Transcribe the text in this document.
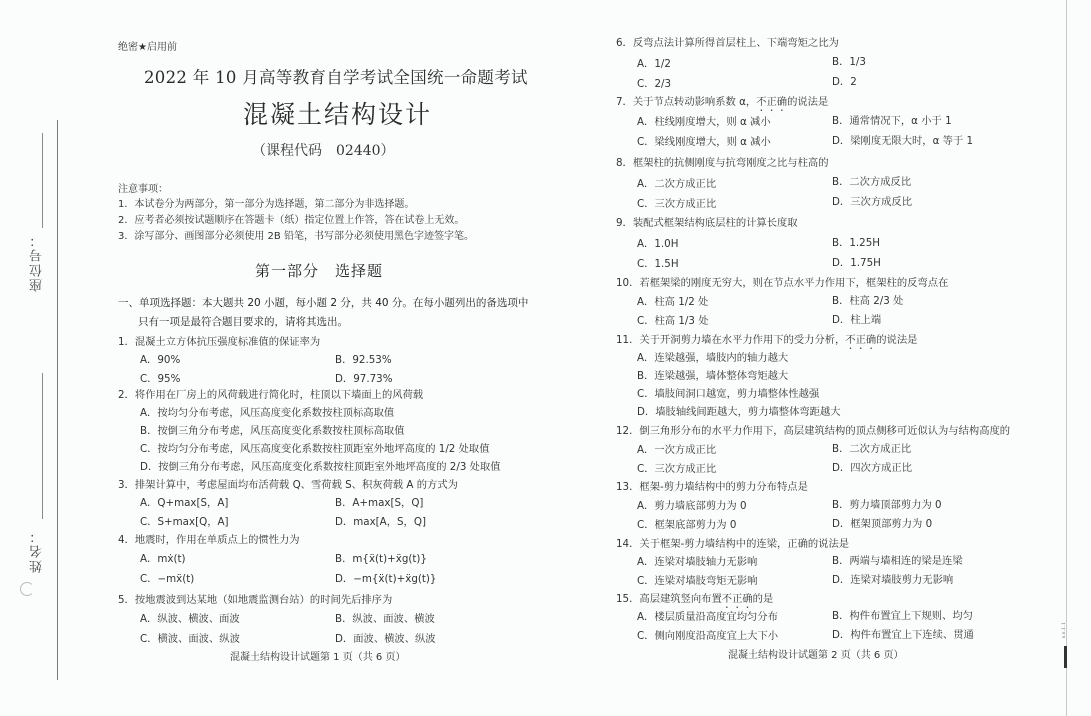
座位号：
姓名：
s.s.1.1
绝密★启用前
2022 年 10 月高等教育自学考试全国统一命题考试
混凝土结构设计
（课程代码　02440）
注意事项：
1．本试卷分为两部分，第一部分为选择题，第二部分为非选择题。
2．应考者必须按试题顺序在答题卡（纸）指定位置上作答，答在试卷上无效。
3．涂写部分、画图部分必须使用 2B 铅笔，书写部分必须使用黑色字迹签字笔。
第一部分　选择题
一、单项选择题：本大题共 20 小题，每小题 2 分，共 40 分。在每小题列出的备选项中
只有一项是最符合题目要求的，请将其选出。
1．混凝土立方体抗压强度标准值的保证率为
A．90%	B．92.53%
C．95%	D．97.73%
2．将作用在厂房上的风荷载进行简化时，柱顶以下墙面上的风荷载
A．按均匀分布考虑，风压高度变化系数按柱顶标高取值
B．按倒三角分布考虑，风压高度变化系数按柱顶标高取值
C．按均匀分布考虑，风压高度变化系数按柱顶距室外地坪高度的 1/2 处取值
D．按倒三角分布考虑，风压高度变化系数按柱顶距室外地坪高度的 2/3 处取值
3．排架计算中，考虑屋面均布活荷载 Q、雪荷载 S、积灰荷载 A 的方式为
A．Q+max[S，A]	B．A+max[S，Q]
C．S+max[Q，A]	D．max[A，S，Q]
4．地震时，作用在单质点上的惯性力为
A．mẋ(t)	B．m{ẍ(t)+ẍg(t)}
C．−mẍ(t)	D．−m{ẍ(t)+ẍg(t)}
5．按地震波到达某地（如地震监测台站）的时间先后排序为
A．纵波、横波、面波	B．纵波、面波、横波
C．横波、面波、纵波	D．面波、横波、纵波
混凝土结构设计试题第 1 页（共 6 页）
6．反弯点法计算所得首层柱上、下端弯矩之比为
A．1/2	B．1/3
C．2/3	D．2
7．关于节点转动影响系数 α，不正确的说法是
A．柱线刚度增大，则 α 减小	B．通常情况下，α 小于 1
C．梁线刚度增大，则 α 减小	D．梁刚度无限大时，α 等于 1
8．框架柱的抗侧刚度与抗弯刚度之比与柱高的
A．二次方成正比	B．二次方成反比
C．三次方成正比	D．三次方成反比
9．装配式框架结构底层柱的计算长度取
A．1.0H	B．1.25H
C．1.5H	D．1.75H
10．若框架梁的刚度无穷大，则在节点水平力作用下，框架柱的反弯点在
A．柱高 1/2 处	B．柱高 2/3 处
C．柱高 1/3 处	D．柱上端
11．关于开洞剪力墙在水平力作用下的受力分析，不正确的说法是
A．连梁越强，墙肢内的轴力越大
B．连梁越强，墙体整体弯矩越大
C．墙肢间洞口越宽，剪力墙整体性越强
D．墙肢轴线间距越大，剪力墙整体弯距越大
12．倒三角形分布的水平力作用下，高层建筑结构的顶点侧移可近似认为与结构高度的
A．一次方成正比	B．二次方成正比
C．三次方成正比	D．四次方成正比
13．框架-剪力墙结构中的剪力分布特点是
A．剪力墙底部剪力为 0	B．剪力墙顶部剪力为 0
C．框架底部剪力为 0	D．框架顶部剪力为 0
14．关于框架-剪力墙结构中的连梁，正确的说法是
A．连梁对墙肢轴力无影响	B．两端与墙相连的梁是连梁
C．连梁对墙肢弯矩无影响	D．连梁对墙肢剪力无影响
15．高层建筑竖向布置不正确的是
A．楼层质量沿高度宜均匀分布	B．构件布置宜上下规则、均匀
C．侧向刚度沿高度宜上大下小	D．构件布置宜上下连续、贯通
混凝土结构设计试题第 2 页（共 6 页）
